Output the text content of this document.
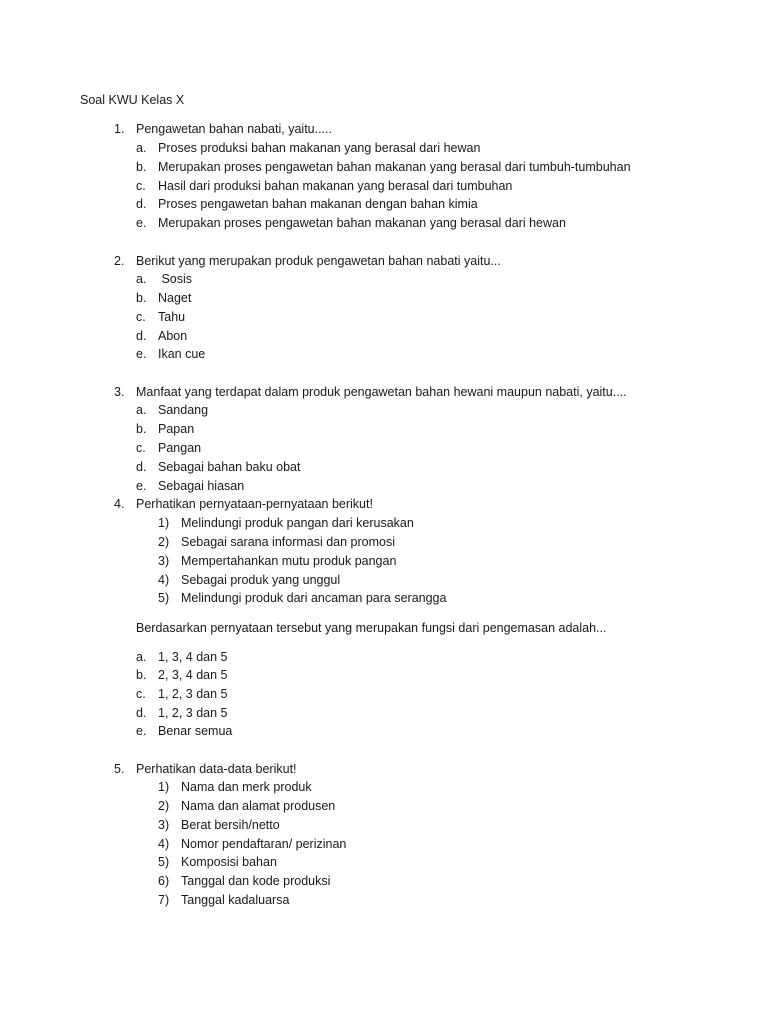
Soal KWU Kelas X
1. Pengawetan bahan nabati, yaitu.....
a. Proses produksi bahan makanan yang berasal dari hewan
b. Merupakan proses pengawetan bahan makanan yang berasal dari tumbuh-tumbuhan
c. Hasil dari produksi bahan makanan yang berasal dari tumbuhan
d. Proses pengawetan bahan makanan dengan bahan kimia
e. Merupakan proses pengawetan bahan makanan yang berasal dari hewan
2. Berikut yang merupakan produk pengawetan bahan nabati yaitu...
a. Sosis
b. Naget
c. Tahu
d. Abon
e. Ikan cue
3. Manfaat yang terdapat dalam produk pengawetan bahan hewani maupun nabati, yaitu....
a. Sandang
b. Papan
c. Pangan
d. Sebagai bahan baku obat
e. Sebagai hiasan
4. Perhatikan pernyataan-pernyataan berikut!
1) Melindungi produk pangan dari kerusakan
2) Sebagai sarana informasi dan promosi
3) Mempertahankan mutu produk pangan
4) Sebagai produk yang unggul
5) Melindungi produk dari ancaman para serangga
Berdasarkan pernyataan tersebut yang merupakan fungsi dari pengemasan adalah...
a. 1, 3, 4 dan 5
b. 2, 3, 4 dan 5
c. 1, 2, 3 dan 5
d. 1, 2, 3 dan 5
e. Benar semua
5. Perhatikan data-data berikut!
1) Nama dan merk produk
2) Nama dan alamat produsen
3) Berat bersih/netto
4) Nomor pendaftaran/ perizinan
5) Komposisi bahan
6) Tanggal dan kode produksi
7) Tanggal kadaluarsa
